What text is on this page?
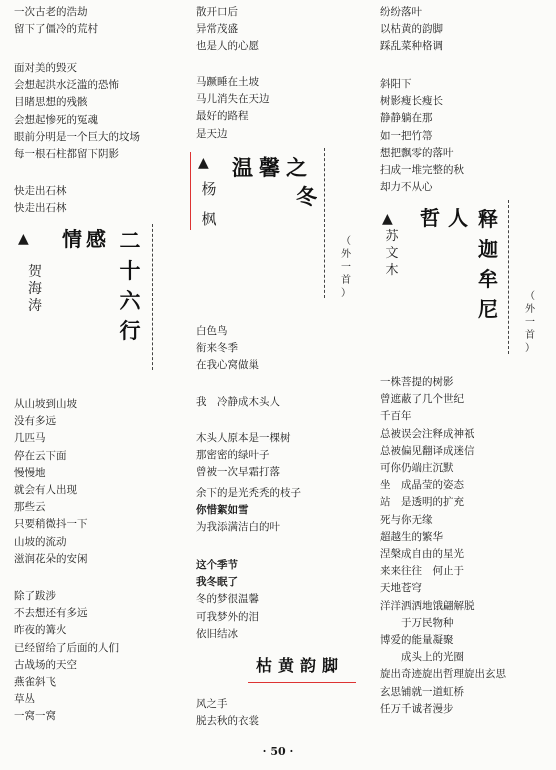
一次古老的浩劫
留下了僵冷的荒村
面对美的毁灭
会想起洪水泛滥的恐怖
目睹思想的残骸
会想起惨死的冤魂
眼前分明是一个巨大的坟场
每一根石柱都留下阴影
快走出石林
快走出石林
▲ 情 感 二
十
六
行
贺
海
涛
从山坡到山坡
没有多远
几匹马
停在云下面
慢慢地
就会有人出现
那些云
只要稍微抖一下
山坡的流动
滋润花朵的安闲
除了跋涉
不去想还有多远
昨夜的篝火
已经留给了后面的人们
古战场的天空
燕雀斜飞
草丛
一窝一窝
散开口后
异常茂盛
也是人的心愿
马蹶睡在土坡
马儿消失在天边
最好的路程
是天边
▲ 温 馨 之
冬
杨
枫
（
外
一
首
）
白色鸟
衔来冬季
在我心窝做巢
我　冷静成木头人
木头人原本是一棵树
那密密的绿叶子
曾被一次早霜打落
余下的是光秃秃的枝子
你惜絮如雪
为我添满洁白的叶
这个季节
我冬眠了
冬的梦很温馨
可我梦外的泪
依旧结冰
枯黄韵脚
风之手
脱去秋的衣裳
纷纷落叶
以枯黄的韵脚
踩乱菜种格调
斜阳下
树影瘦长瘦长
静静躺在那
如一把竹箒
想把飘零的落叶
扫成一堆完整的秋
却力不从心
▲ 哲 人 释
迦
牟
尼
苏
文
木
（
外
一
首
）
一株菩提的树影
曾遮蔽了几个世纪
千百年
总被误会注释成神祇
总被偏见翻译成迷信
可你仍端庄沉默
坐　成晶莹的姿态
站　是透明的扩充
死与你无缘
超越生的繁华
涅槃成自由的星光
来来往往　何止于
天地苍穹
洋洋洒洒地饿翩解脱
　　于万民物种
博爱的能量凝聚
　　成头上的光圈
旋出奇迹旋出哲理旋出玄思
玄思铺就一道虹桥
任万千诚者漫步
· 50 ·
